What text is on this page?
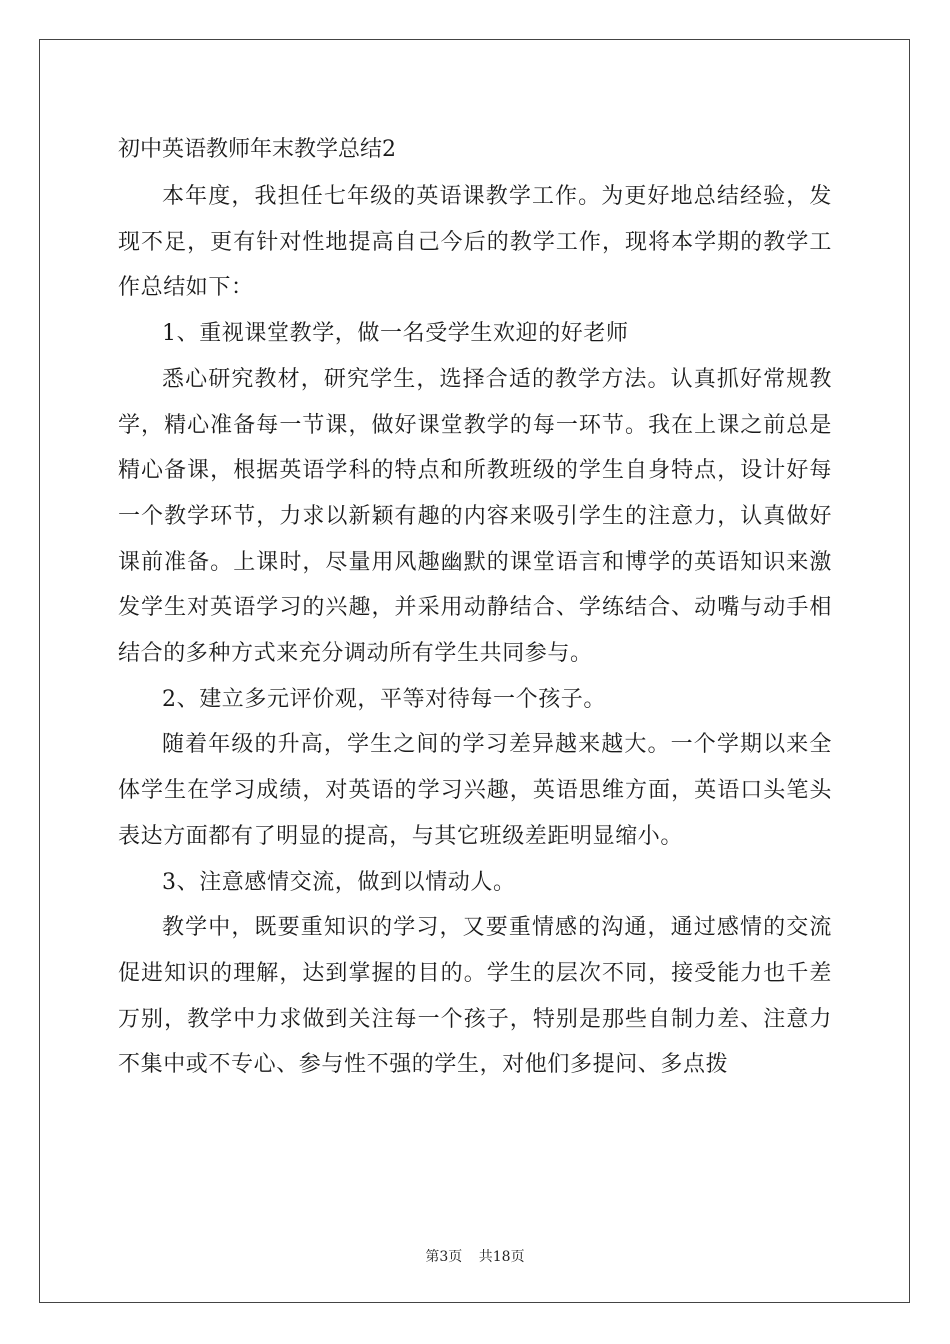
初中英语教师年末教学总结2

本年度，我担任七年级的英语课教学工作。为更好地总结经验，发现不足，更有针对性地提高自己今后的教学工作，现将本学期的教学工作总结如下：

1、重视课堂教学，做一名受学生欢迎的好老师

悉心研究教材，研究学生，选择合适的教学方法。认真抓好常规教学，精心准备每一节课，做好课堂教学的每一环节。我在上课之前总是精心备课，根据英语学科的特点和所教班级的学生自身特点，设计好每一个教学环节，力求以新颖有趣的内容来吸引学生的注意力，认真做好课前准备。上课时，尽量用风趣幽默的课堂语言和博学的英语知识来激发学生对英语学习的兴趣，并采用动静结合、学练结合、动嘴与动手相结合的多种方式来充分调动所有学生共同参与。

2、建立多元评价观，平等对待每一个孩子。

随着年级的升高，学生之间的学习差异越来越大。一个学期以来全体学生在学习成绩，对英语的学习兴趣，英语思维方面，英语口头笔头表达方面都有了明显的提高，与其它班级差距明显缩小。

3、注意感情交流，做到以情动人。

教学中，既要重知识的学习，又要重情感的沟通，通过感情的交流促进知识的理解，达到掌握的目的。学生的层次不同，接受能力也千差万别，教学中力求做到关注每一个孩子，特别是那些自制力差、注意力不集中或不专心、参与性不强的学生，对他们多提问、多点拨

第3页 共18页
